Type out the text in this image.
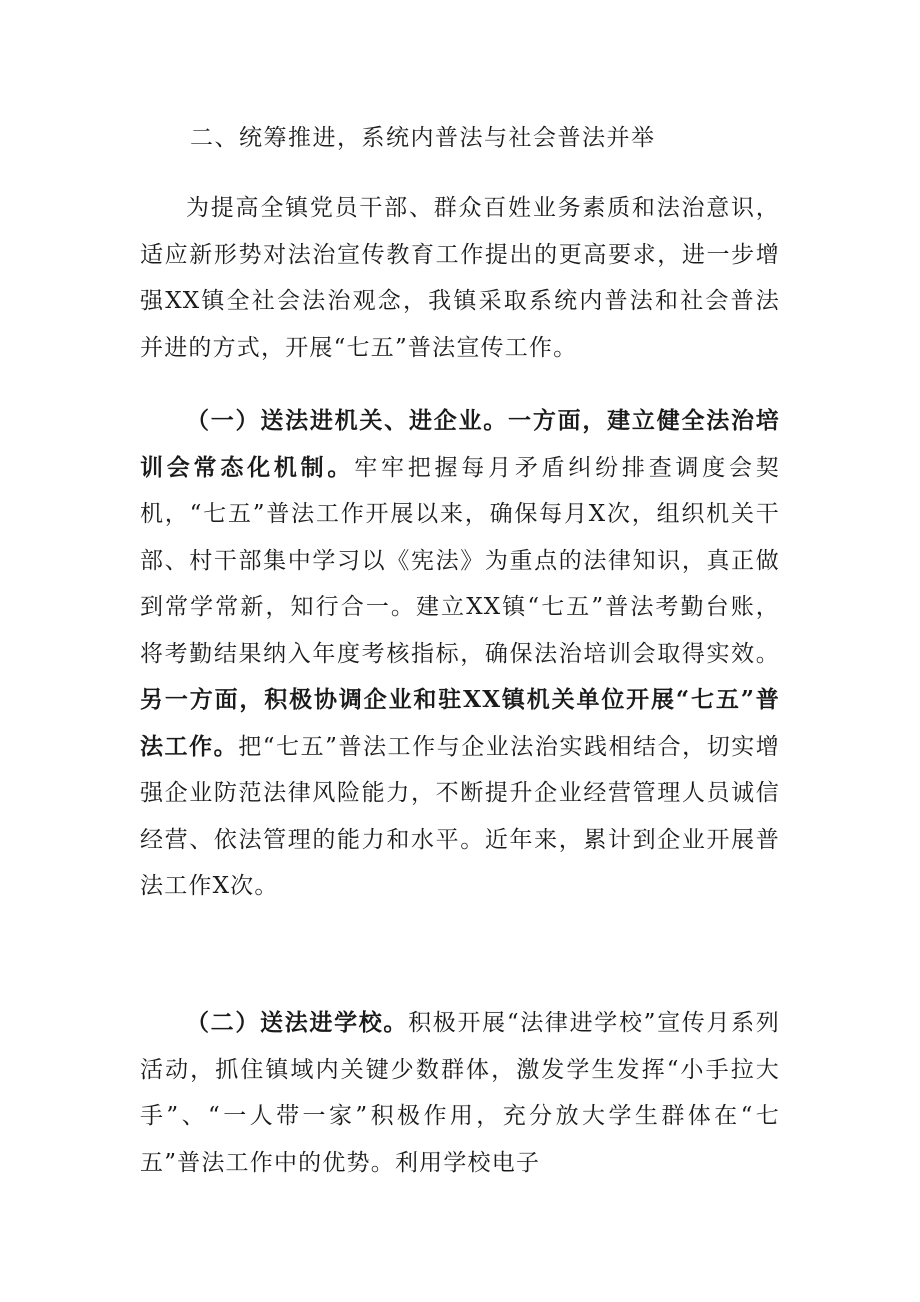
二、统筹推进，系统内普法与社会普法并举

为提高全镇党员干部、群众百姓业务素质和法治意识，适应新形势对法治宣传教育工作提出的更高要求，进一步增强XX镇全社会法治观念，我镇采取系统内普法和社会普法并进的方式，开展“七五”普法宣传工作。

（一）送法进机关、进企业。一方面，建立健全法治培训会常态化机制。牢牢把握每月矛盾纠纷排查调度会契机，“七五”普法工作开展以来，确保每月X次，组织机关干部、村干部集中学习以《宪法》为重点的法律知识，真正做到常学常新，知行合一。建立XX镇“七五”普法考勤台账，将考勤结果纳入年度考核指标，确保法治培训会取得实效。另一方面，积极协调企业和驻XX镇机关单位开展“七五”普法工作。把“七五”普法工作与企业法治实践相结合，切实增强企业防范法律风险能力，不断提升企业经营管理人员诚信经营、依法管理的能力和水平。近年来，累计到企业开展普法工作X次。

（二）送法进学校。积极开展“法律进学校”宣传月系列活动，抓住镇域内关键少数群体，激发学生发挥“小手拉大手”、“一人带一家”积极作用，充分放大学生群体在“七五”普法工作中的优势。利用学校电子
